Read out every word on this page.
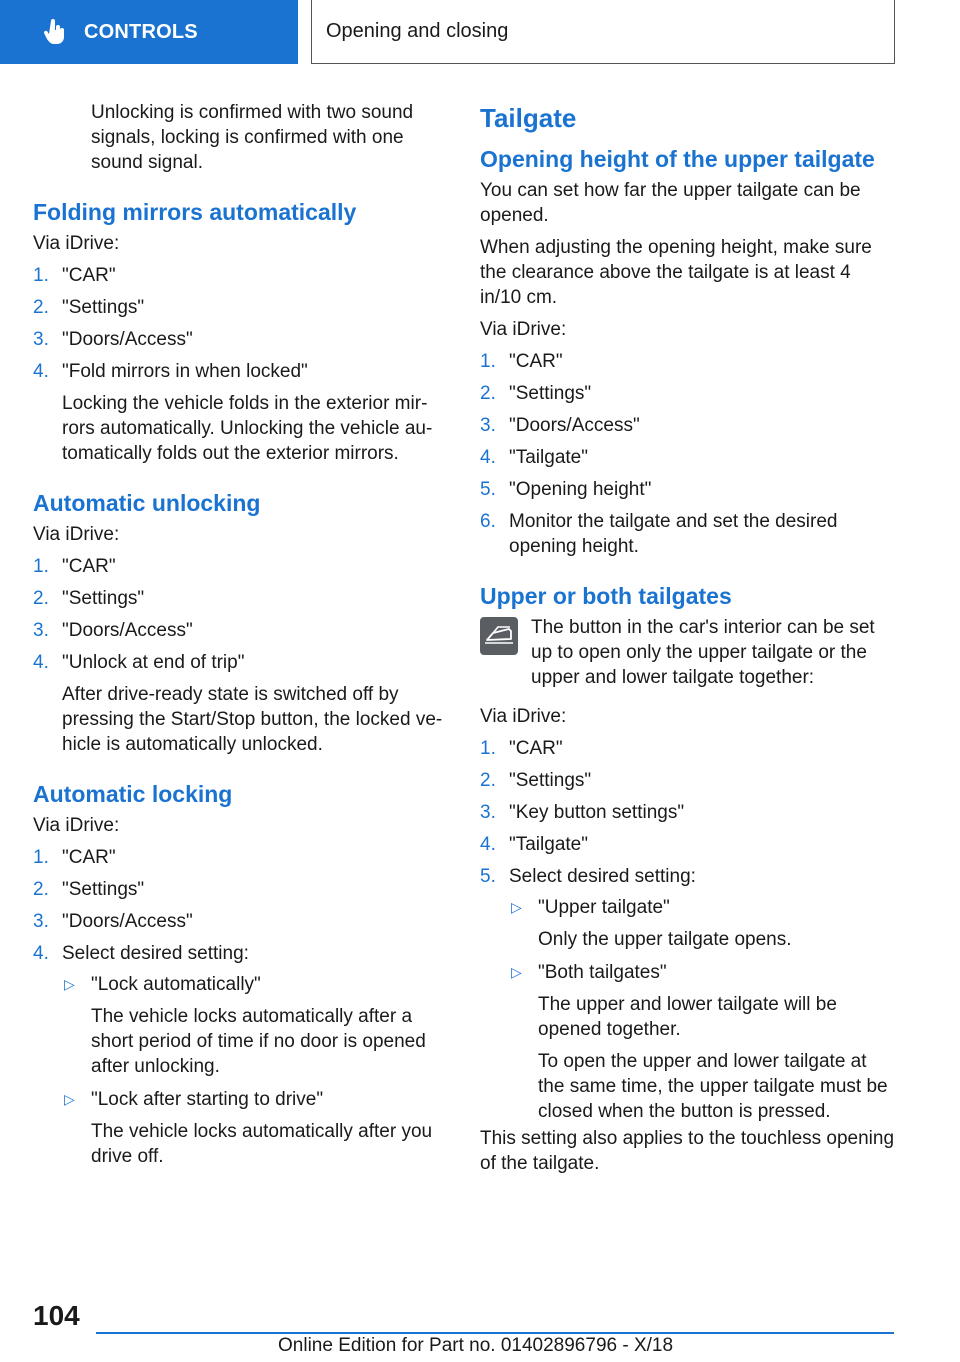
CONTROLS	Opening and closing

Unlocking is confirmed with two sound signals, locking is confirmed with one sound signal.

Folding mirrors automatically

Via iDrive:

1. "CAR"
2. "Settings"
3. "Doors/Access"
4. "Fold mirrors in when locked"

Locking the vehicle folds in the exterior mirrors automatically. Unlocking the vehicle automatically folds out the exterior mirrors.

Automatic unlocking

Via iDrive:

1. "CAR"
2. "Settings"
3. "Doors/Access"
4. "Unlock at end of trip"

After drive-ready state is switched off by pressing the Start/Stop button, the locked vehicle is automatically unlocked.

Automatic locking

Via iDrive:

1. "CAR"
2. "Settings"
3. "Doors/Access"
4. Select desired setting:
▷ "Lock automatically"

The vehicle locks automatically after a short period of time if no door is opened after unlocking.

▷ "Lock after starting to drive"

The vehicle locks automatically after you drive off.

Tailgate
Opening height of the upper tailgate

You can set how far the upper tailgate can be opened.

When adjusting the opening height, make sure the clearance above the tailgate is at least 4 in/10 cm.

Via iDrive:

1. "CAR"
2. "Settings"
3. "Doors/Access"
4. "Tailgate"
5. "Opening height"
6. Monitor the tailgate and set the desired opening height.
Upper or both tailgates
The button in the car's interior can be set up to open only the upper tailgate or the upper and lower tailgate together:

Via iDrive:

1. "CAR"
2. "Settings"
3. "Key button settings"
4. "Tailgate"
5. Select desired setting:
▷ "Upper tailgate"

Only the upper tailgate opens.

▷ "Both tailgates"

The upper and lower tailgate will be opened together.

To open the upper and lower tailgate at the same time, the upper tailgate must be closed when the button is pressed.

This setting also applies to the touchless opening of the tailgate.

104
Online Edition for Part no. 01402896796 - X/18
